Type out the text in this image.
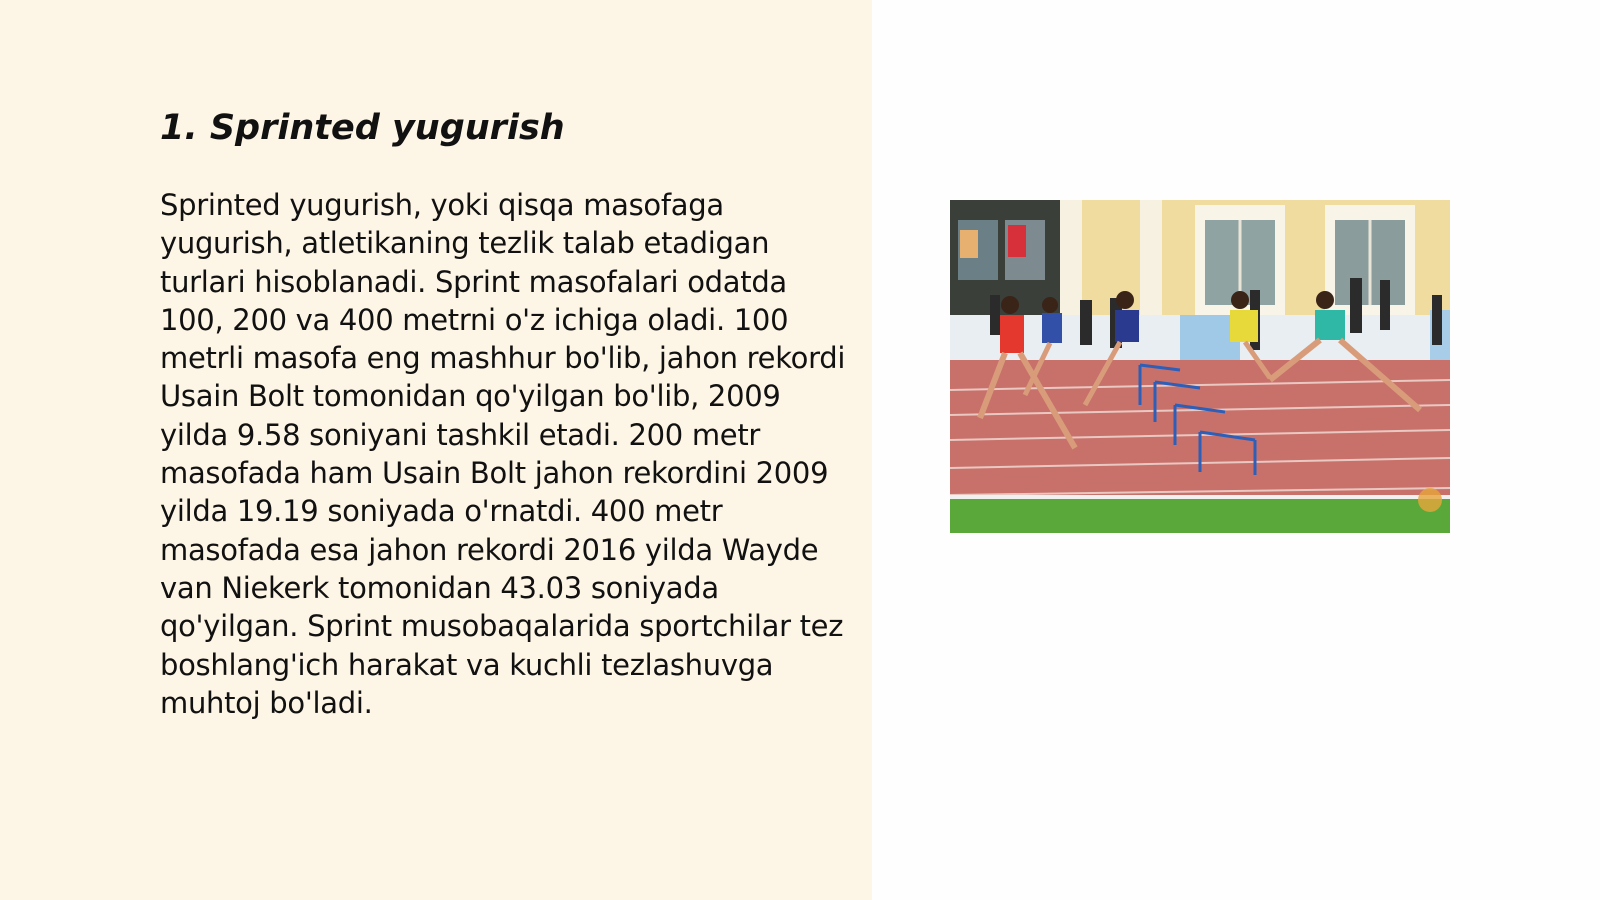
1. Sprinted yugurish

Sprinted yugurish, yoki qisqa masofaga yugurish, atletikaning tezlik talab etadigan turlari hisoblanadi. Sprint masofalari odatda 100, 200 va 400 metrni o'z ichiga oladi. 100 metrli masofa eng mashhur bo'lib, jahon rekordi Usain Bolt tomonidan qo'yilgan bo'lib, 2009 yilda 9.58 soniyani tashkil etadi. 200 metr masofada ham Usain Bolt jahon rekordini 2009 yilda 19.19 soniyada o'rnatdi. 400 metr masofada esa jahon rekordi 2016 yilda Wayde van Niekerk tomonidan 43.03 soniyada qo'yilgan. Sprint musobaqalarida sportchilar tez boshlang'ich harakat va kuchli tezlashuvga muhtoj bo'ladi.
